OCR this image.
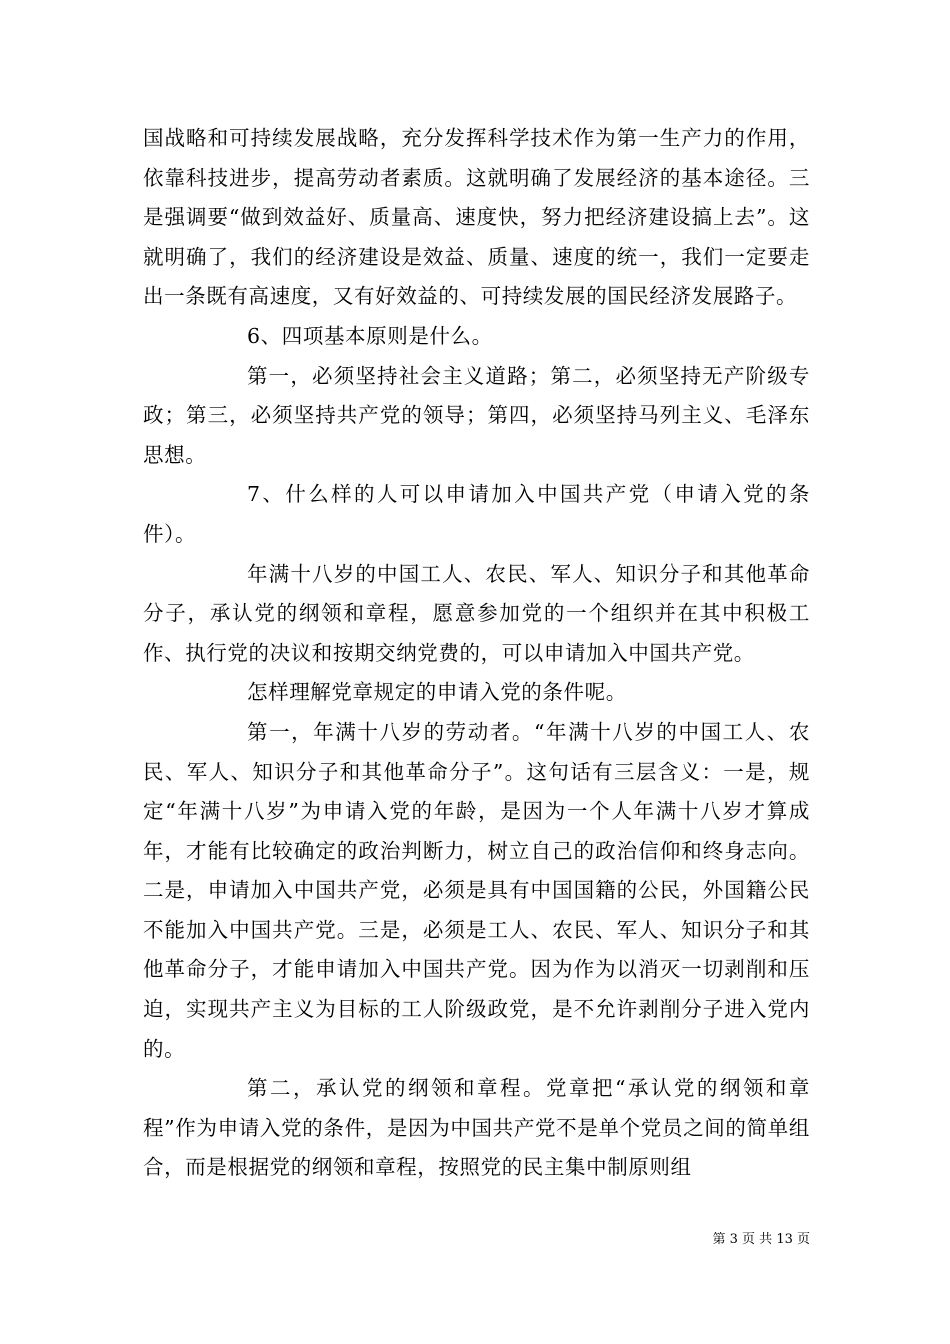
国战略和可持续发展战略，充分发挥科学技术作为第一生产力的作用，依靠科技进步，提高劳动者素质。这就明确了发展经济的基本途径。三是强调要“做到效益好、质量高、速度快，努力把经济建设搞上去”。这就明确了，我们的经济建设是效益、质量、速度的统一，我们一定要走出一条既有高速度，又有好效益的、可持续发展的国民经济发展路子。

6、四项基本原则是什么。

第一，必须坚持社会主义道路；第二，必须坚持无产阶级专政；第三，必须坚持共产党的领导；第四，必须坚持马列主义、毛泽东思想。

7、什么样的人可以申请加入中国共产党（申请入党的条件）。

年满十八岁的中国工人、农民、军人、知识分子和其他革命分子，承认党的纲领和章程，愿意参加党的一个组织并在其中积极工作、执行党的决议和按期交纳党费的，可以申请加入中国共产党。

怎样理解党章规定的申请入党的条件呢。

第一，年满十八岁的劳动者。“年满十八岁的中国工人、农民、军人、知识分子和其他革命分子”。这句话有三层含义：一是，规定“年满十八岁”为申请入党的年龄，是因为一个人年满十八岁才算成年，才能有比较确定的政治判断力，树立自己的政治信仰和终身志向。二是，申请加入中国共产党，必须是具有中国国籍的公民，外国籍公民不能加入中国共产党。三是，必须是工人、农民、军人、知识分子和其他革命分子，才能申请加入中国共产党。因为作为以消灭一切剥削和压迫，实现共产主义为目标的工人阶级政党，是不允许剥削分子进入党内的。

第二，承认党的纲领和章程。党章把“承认党的纲领和章程”作为申请入党的条件，是因为中国共产党不是单个党员之间的简单组合，而是根据党的纲领和章程，按照党的民主集中制原则组

第 3 页 共 13 页
